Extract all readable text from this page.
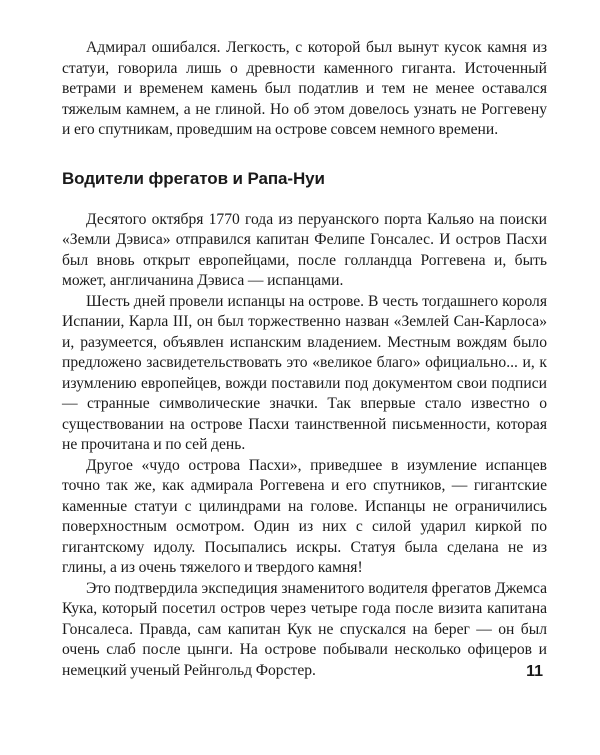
Адмирал ошибался. Легкость, с которой был вынут кусок камня из статуи, говорила лишь о древности каменного гиганта. Источенный ветрами и временем камень был податлив и тем не менее оставался тяжелым камнем, а не глиной. Но об этом довелось узнать не Роггевену и его спутникам, проведшим на острове совсем немного времени.

Водители фрегатов и Рапа-Нуи

Десятого октября 1770 года из перуанского порта Кальяо на поиски «Земли Дэвиса» отправился капитан Фелипе Гонсалес. И остров Пасхи был вновь открыт европейцами, после голландца Роггевена и, быть может, англичанина Дэвиса — испанцами.

Шесть дней провели испанцы на острове. В честь тогдашнего короля Испании, Карла III, он был торжественно назван «Землей Сан-Карлоса» и, разумеется, объявлен испанским владением. Местным вождям было предложено засвидетельствовать это «великое благо» официально... и, к изумлению европейцев, вожди поставили под документом свои подписи — странные символические значки. Так впервые стало известно о существовании на острове Пасхи таинственной письменности, которая не прочитана и по сей день.

Другое «чудо острова Пасхи», приведшее в изумление испанцев точно так же, как адмирала Роггевена и его спутников, — гигантские каменные статуи с цилиндрами на голове. Испанцы не ограничились поверхностным осмотром. Один из них с силой ударил киркой по гигантскому идолу. Посыпались искры. Статуя была сделана не из глины, а из очень тяжелого и твердого камня!

Это подтвердила экспедиция знаменитого водителя фрегатов Джемса Кука, который посетил остров через четыре года после визита капитана Гонсалеса. Правда, сам капитан Кук не спускался на берег — он был очень слаб после цынги. На острове побывали несколько офицеров и немецкий ученый Рейнгольд Форстер.	11
